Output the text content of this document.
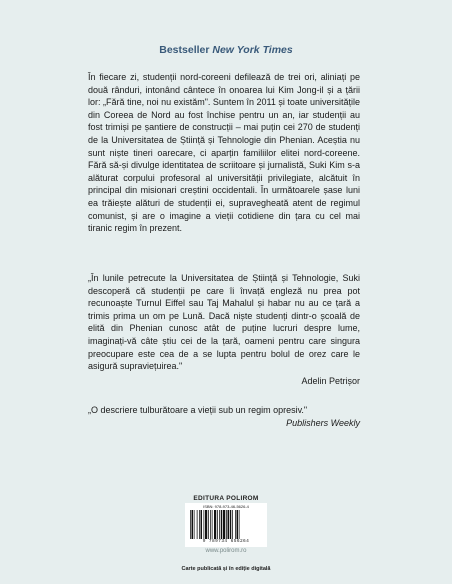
Bestseller New York Times
În fiecare zi, studenții nord-coreeni defilează de trei ori, aliniați pe două rânduri, intonând cântece în onoarea lui Kim Jong-il și a țării lor: „Fără tine, noi nu existăm". Suntem în 2011 și toate universitățile din Coreea de Nord au fost închise pentru un an, iar studenții au fost trimiși pe șantiere de construcții – mai puțin cei 270 de studenți de la Universitatea de Știință și Tehnologie din Phenian. Aceștia nu sunt niște tineri oarecare, ci aparțin familiilor elitei nord-coreene. Fără să-și divulge identitatea de scriitoare și jurnalistă, Suki Kim s-a alăturat corpului profesoral al universității privilegiate, alcătuit în principal din misionari creștini occidentali. În următoarele șase luni ea trăiește alături de studenții ei, supravegheată atent de regimul comunist, și are o imagine a vieții cotidiene din țara cu cel mai tiranic regim în prezent.
„În lunile petrecute la Universitatea de Știință și Tehnologie, Suki descoperă că studenții pe care îi învață engleză nu prea pot recunoaște Turnul Eiffel sau Taj Mahalul și habar nu au ce țară a trimis prima un om pe Lună. Dacă niște studenți dintr-o școală de elită din Phenian cunosc atât de puține lucruri despre lume, imaginați-vă câte știu cei de la țară, oameni pentru care singura preocupare este cea de a se lupta pentru bolul de orez care le asigură supraviețuirea."
Adelin Petrișor
„O descriere tulburătoare a vieții sub un regim opresiv."
Publishers Weekly
EDITURA POLIROM
ISBN: 978-973-46-5626-4
9 789734 656264
www.polirom.ro
Carte publicată și în ediție digitală
